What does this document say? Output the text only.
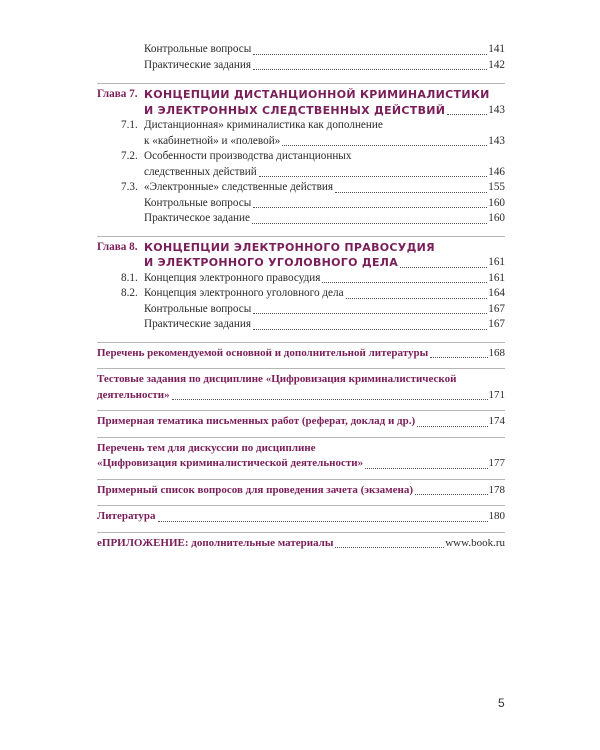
Контрольные вопросы	141
Практические задания	142
Глава 7. КОНЦЕПЦИИ ДИСТАНЦИОННОЙ КРИМИНАЛИСТИКИ
И ЭЛЕКТРОННЫХ СЛЕДСТВЕННЫХ ДЕЙСТВИЙ	143
7.1. Дистанционная» криминалистика как дополнение
к «кабинетной» и «полевой»	143
7.2. Особенности производства дистанционных
следственных действий	146
7.3. «Электронные» следственные действия	155
Контрольные вопросы	160
Практическое задание	160
Глава 8. КОНЦЕПЦИИ ЭЛЕКТРОННОГО ПРАВОСУДИЯ
И ЭЛЕКТРОННОГО УГОЛОВНОГО ДЕЛА	161
8.1. Концепция электронного правосудия	161
8.2. Концепция электронного уголовного дела	164
Контрольные вопросы	167
Практические задания	167
Перечень рекомендуемой основной и дополнительной литературы	168
Тестовые задания по дисциплине «Цифровизация криминалистической
деятельности»	171
Примерная тематика письменных работ (реферат, доклад и др.)	174
Перечень тем для дискуссии по дисциплине
«Цифровизация криминалистической деятельности»	177
Примерный список вопросов для проведения зачета (экзамена)	178
Литература	180
еПРИЛОЖЕНИЕ: дополнительные материалы	www.book.ru
5
